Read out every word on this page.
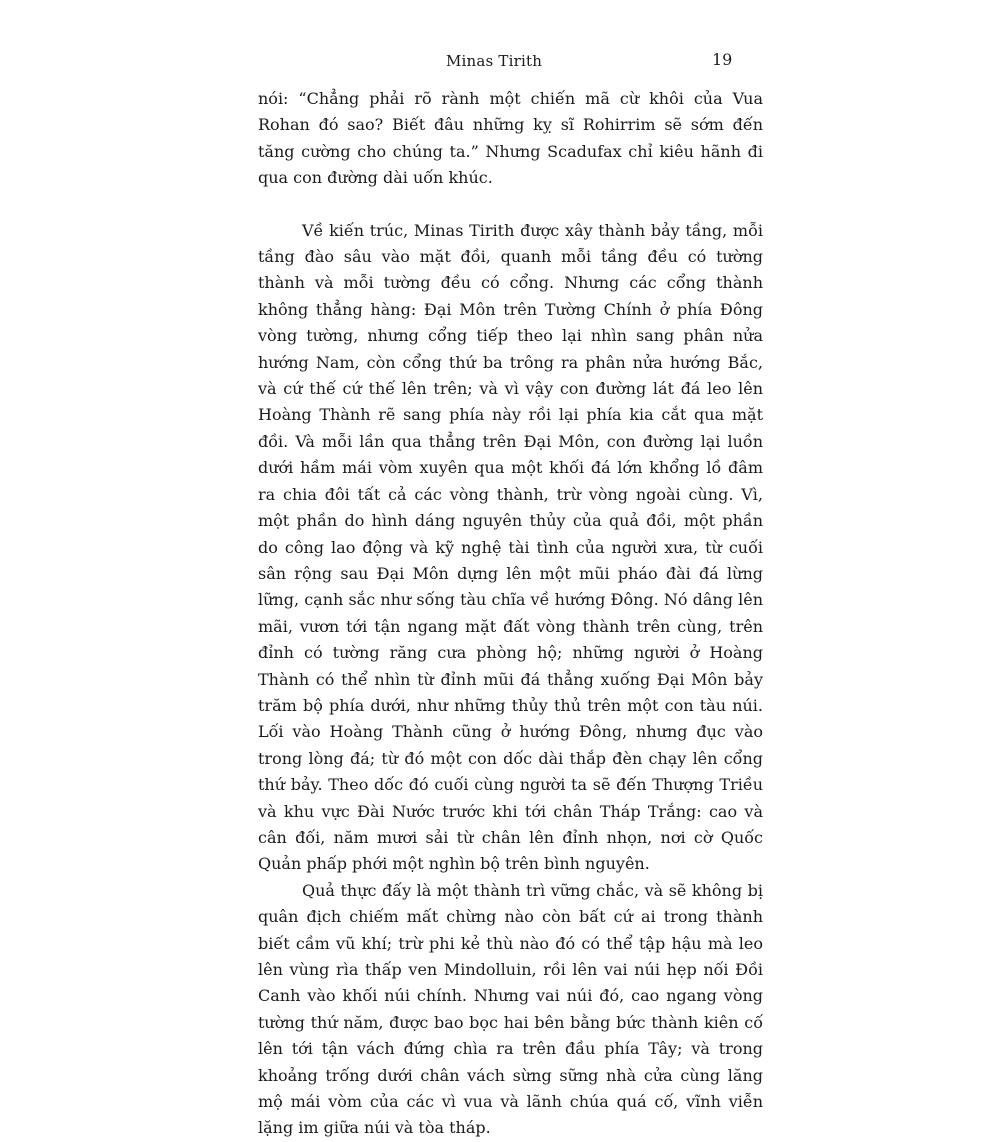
Minas Tirith	19

nói: “Chẳng phải rõ rành một chiến mã cừ khôi của Vua Rohan đó sao? Biết đâu những kỵ sĩ Rohirrim sẽ sớm đến tăng cường cho chúng ta.” Nhưng Scadufax chỉ kiêu hãnh đi qua con đường dài uốn khúc.

Về kiến trúc, Minas Tirith được xây thành bảy tầng, mỗi tầng đào sâu vào mặt đồi, quanh mỗi tầng đều có tường thành và mỗi tường đều có cổng. Nhưng các cổng thành không thẳng hàng: Đại Môn trên Tường Chính ở phía Đông vòng tường, nhưng cổng tiếp theo lại nhìn sang phân nửa hướng Nam, còn cổng thứ ba trông ra phân nửa hướng Bắc, và cứ thế cứ thế lên trên; và vì vậy con đường lát đá leo lên Hoàng Thành rẽ sang phía này rồi lại phía kia cắt qua mặt đồi. Và mỗi lần qua thẳng trên Đại Môn, con đường lại luồn dưới hầm mái vòm xuyên qua một khối đá lớn khổng lồ đâm ra chia đôi tất cả các vòng thành, trừ vòng ngoài cùng. Vì, một phần do hình dáng nguyên thủy của quả đồi, một phần do công lao động và kỹ nghệ tài tình của người xưa, từ cuối sân rộng sau Đại Môn dựng lên một mũi pháo đài đá lừng lững, cạnh sắc như sống tàu chĩa về hướng Đông. Nó dâng lên mãi, vươn tới tận ngang mặt đất vòng thành trên cùng, trên đỉnh có tường răng cưa phòng hộ; những người ở Hoàng Thành có thể nhìn từ đỉnh mũi đá thẳng xuống Đại Môn bảy trăm bộ phía dưới, như những thủy thủ trên một con tàu núi. Lối vào Hoàng Thành cũng ở hướng Đông, nhưng đục vào trong lòng đá; từ đó một con dốc dài thắp đèn chạy lên cổng thứ bảy. Theo dốc đó cuối cùng người ta sẽ đến Thượng Triều và khu vực Đài Nước trước khi tới chân Tháp Trắng: cao và cân đối, năm mươi sải từ chân lên đỉnh nhọn, nơi cờ Quốc Quản phấp phới một nghìn bộ trên bình nguyên.

Quả thực đấy là một thành trì vững chắc, và sẽ không bị quân địch chiếm mất chừng nào còn bất cứ ai trong thành biết cầm vũ khí; trừ phi kẻ thù nào đó có thể tập hậu mà leo lên vùng rìa thấp ven Mindolluin, rồi lên vai núi hẹp nối Đồi Canh vào khối núi chính. Nhưng vai núi đó, cao ngang vòng tường thứ năm, được bao bọc hai bên bằng bức thành kiên cố lên tới tận vách đứng chìa ra trên đầu phía Tây; và trong khoảng trống dưới chân vách sừng sững nhà cửa cùng lăng mộ mái vòm của các vì vua và lãnh chúa quá cố, vĩnh viễn lặng im giữa núi và tòa tháp.
